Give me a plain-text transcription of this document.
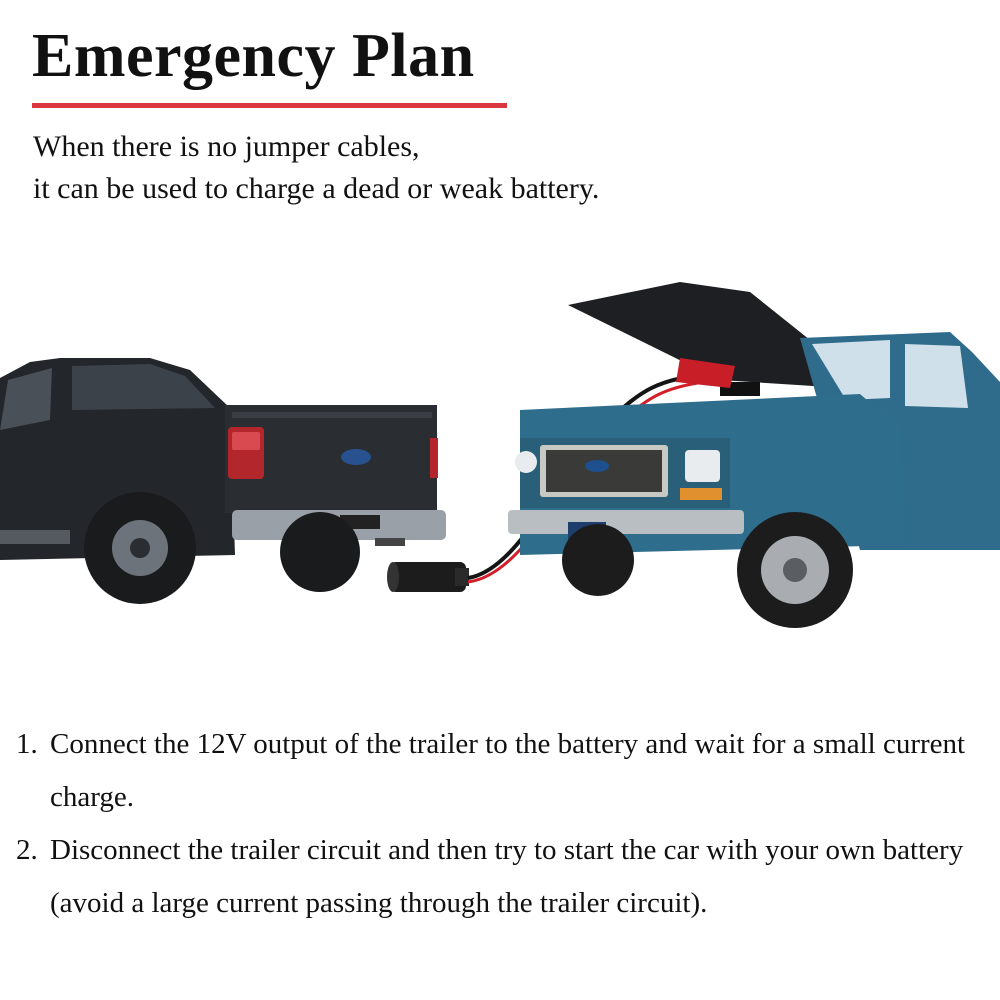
Emergency Plan

When there is no jumper cables,
it can be used to charge a dead or weak battery.

1. Connect the 12V output of the trailer to the battery and wait for a small current charge.
2. Disconnect the trailer circuit and then try to start the car with your own battery (avoid a large current passing through the trailer circuit).
